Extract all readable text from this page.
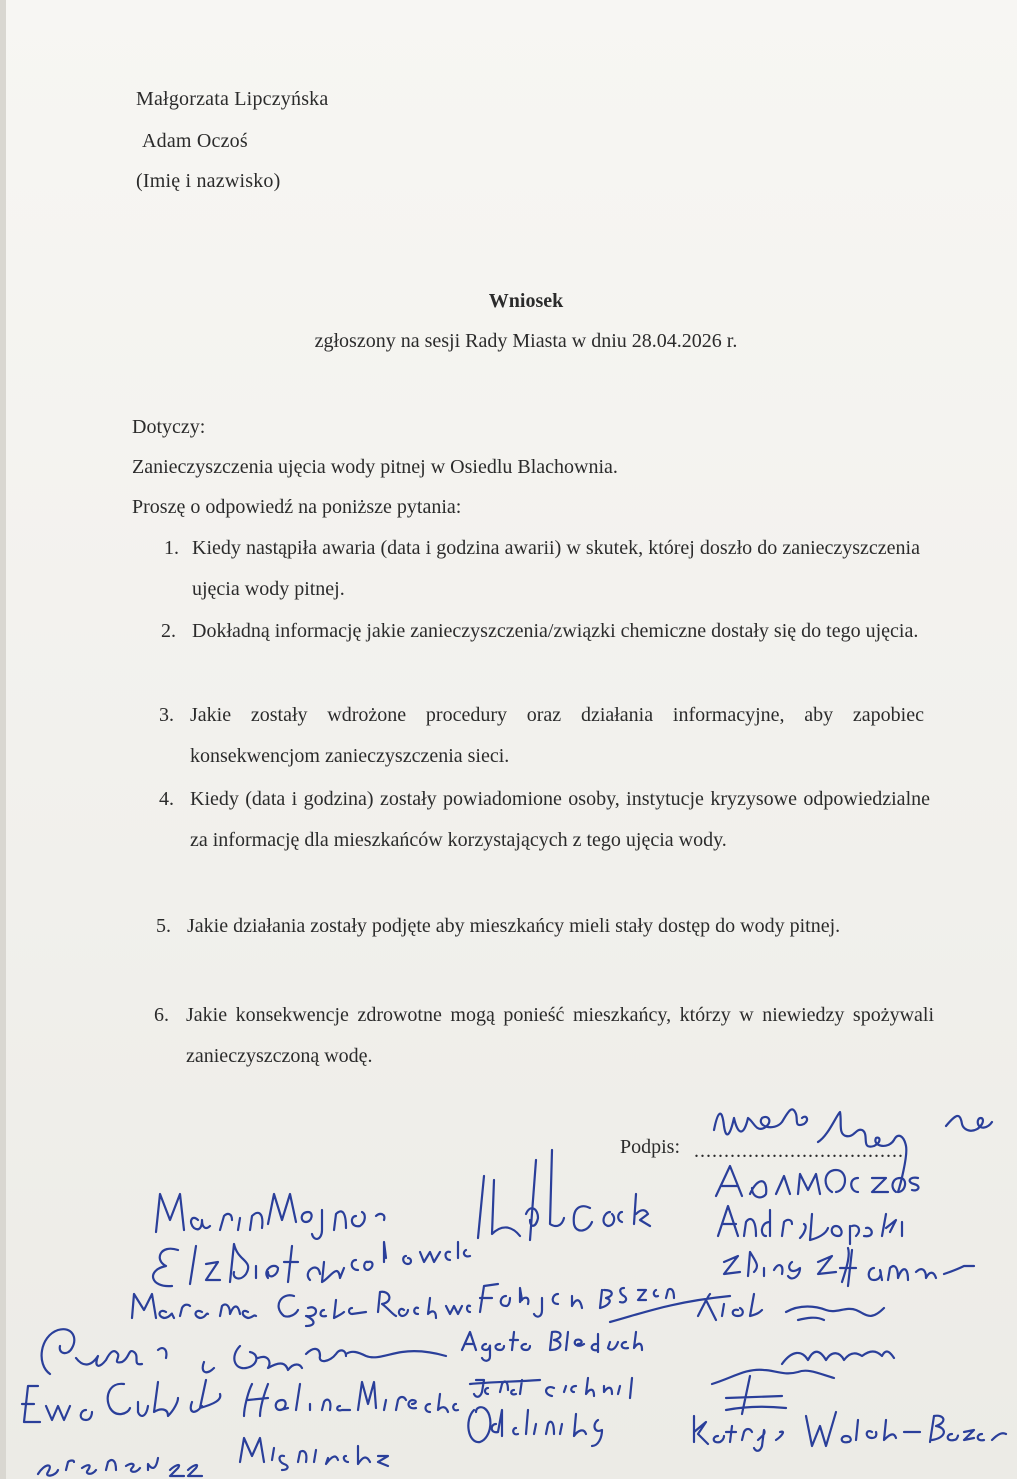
Małgorzata Lipczyńska
Adam Oczoś
(Imię i nazwisko)
Wniosek
zgłoszony na sesji Rady Miasta w dniu 28.04.2026 r.
Dotyczy:
Zanieczyszczenia ujęcia wody pitnej w Osiedlu Blachownia.
Proszę o odpowiedź na poniższe pytania:
1. Kiedy nastąpiła awaria (data i godzina awarii) w skutek, której doszło do zanieczyszczenia ujęcia wody pitnej.
2. Dokładną informację jakie zanieczyszczenia/związki chemiczne dostały się do tego ujęcia.
3. Jakie zostały wdrożone procedury oraz działania informacyjne, aby zapobiec konsekwencjom zanieczyszczenia sieci.
4. Kiedy (data i godzina) zostały powiadomione osoby, instytucje kryzysowe odpowiedzialne za informację dla mieszkańców korzystających z tego ujęcia wody.
5. Jakie działania zostały podjęte aby mieszkańcy mieli stały dostęp do wody pitnej.
6. Jakie konsekwencje zdrowotne mogą ponieść mieszkańcy, którzy w niewiedzy spożywali zanieczyszczoną wodę.
Podpis: ...................................
